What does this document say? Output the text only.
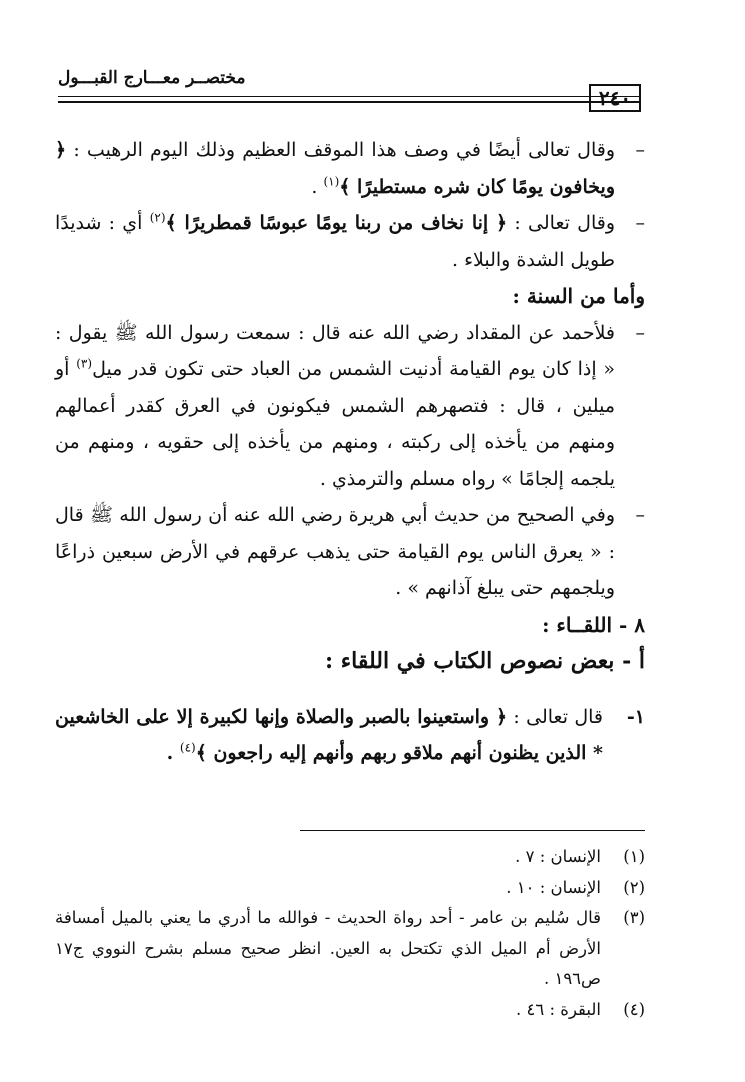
٢٤٠
مختصــر معـــارج القبـــول

–
وقال تعالى أيضًا في وصف هذا الموقف العظيم وذلك اليوم الرهيب : ﴿ ويخافون يومًا كان شره مستطيرًا ﴾$^{(١)}$ .

–
وقال تعالى : ﴿ إنا نخاف من ربنا يومًا عبوسًا قمطريرًا ﴾$^{(٢)}$ أي : شديدًا طويل الشدة والبلاء .

وأما من السنة :

–
فلأحمد عن المقداد رضي الله عنه قال : سمعت رسول الله ﷺ يقول : « إذا كان يوم القيامة أدنيت الشمس من العباد حتى تكون قدر ميل$^{(٣)}$ أو ميلين ، قال : فتصهرهم الشمس فيكونون في العرق كقدر أعمالهم ومنهم من يأخذه إلى ركبته ، ومنهم من يأخذه إلى حقويه ، ومنهم من يلجمه إلجامًا » رواه مسلم والترمذي .

–
وفي الصحيح من حديث أبي هريرة رضي الله عنه أن رسول الله ﷺ قال : « يعرق الناس يوم القيامة حتى يذهب عرقهم في الأرض سبعين ذراعًا ويلجمهم حتى يبلغ آذانهم » .

٨ - اللقــاء :

أ - بعض نصوص الكتاب في اللقاء :

١-
قال تعالى : ﴿ واستعينوا بالصبر والصلاة وإنها لكبيرة إلا على الخاشعين * الذين يظنون أنهم ملاقو ربهم وأنهم إليه راجعون ﴾$^{(٤)}$ .

(١)
الإنسان : ٧ .
(٢)
الإنسان : ١٠ .
(٣)
قال سُليم بن عامر - أحد رواة الحديث - فوالله ما أدري ما يعني بالميل أمسافة الأرض أم الميل الذي تكتحل به العين. انظر صحيح مسلم بشرح النووي ج١٧ ص١٩٦ .
(٤)
البقرة : ٤٦ .
